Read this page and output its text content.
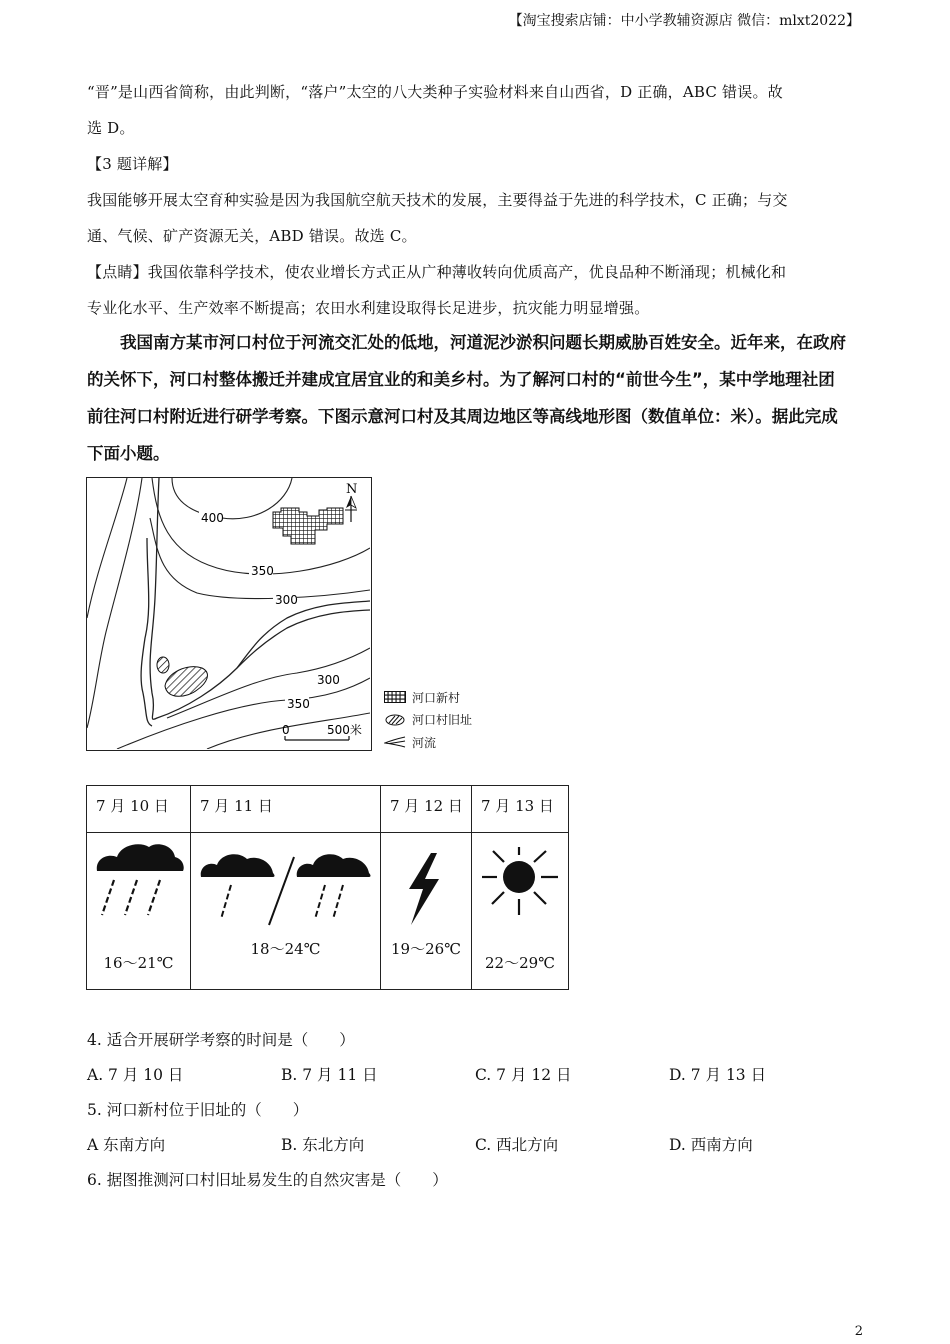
【淘宝搜索店铺：中小学教辅资源店 微信：mlxt2022】
“晋”是山西省简称，由此判断，“落户”太空的八大类种子实验材料来自山西省，D 正确，ABC 错误。故
选 D。
【3 题详解】
我国能够开展太空育种实验是因为我国航空航天技术的发展，主要得益于先进的科学技术，C 正确；与交
通、气候、矿产资源无关，ABD 错误。故选 C。
【点睛】我国依靠科学技术，使农业增长方式正从广种薄收转向优质高产，优良品种不断涌现；机械化和
专业化水平、生产效率不断提高；农田水利建设取得长足进步，抗灾能力明显增强。
我国南方某市河口村位于河流交汇处的低地，河道泥沙淤积问题长期威胁百姓安全。近年来，在政府
的关怀下，河口村整体搬迁并建成宜居宜业的和美乡村。为了解河口村的“前世今生”，某中学地理社团
前往河口村附近进行研学考察。下图示意河口村及其周边地区等高线地形图（数值单位：米）。据此完成
下面小题。
400
350
300
300
350
N
0	500米
河口新村
河口村旧址
河流
7 月 10 日	7 月 11 日	7 月 12 日	7 月 13 日

16～21℃	18～24℃	19～26℃	22～29℃
4. 适合开展研学考察的时间是（　　）
A. 7 月 10 日	B. 7 月 11 日	C. 7 月 12 日	D. 7 月 13 日
5. 河口新村位于旧址的（　　）
A 东南方向	B. 东北方向	C. 西北方向	D. 西南方向
6. 据图推测河口村旧址易发生的自然灾害是（　　）
2
